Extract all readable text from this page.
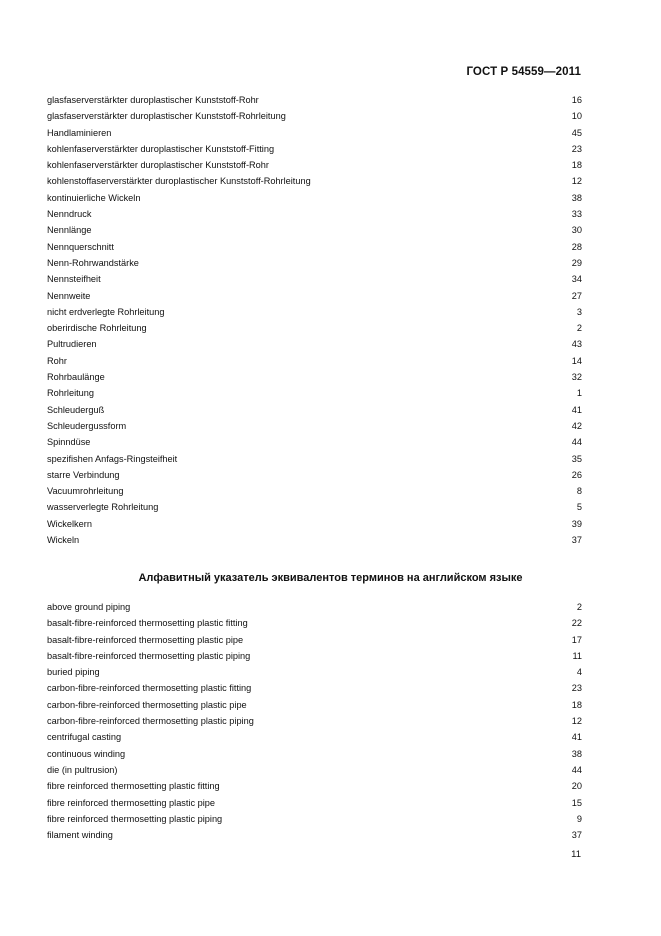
ГОСТ Р 54559—2011
glasfaserverstärkter duroplastischer Kunststoff-Rohr	16
glasfaserverstärkter duroplastischer Kunststoff-Rohrleitung	10
Handlaminieren	45
kohlenfaserverstärkter duroplastischer Kunststoff-Fitting	23
kohlenfaserverstärkter duroplastischer Kunststoff-Rohr	18
kohlenstoffaserverstärkter duroplastischer Kunststoff-Rohrleitung	12
kontinuierliche Wickeln	38
Nenndruck	33
Nennlänge	30
Nennquerschnitt	28
Nenn-Rohrwandstärke	29
Nennsteifheit	34
Nennweite	27
nicht erdverlegte Rohrleitung	3
oberirdische Rohrleitung	2
Pultrudieren	43
Rohr	14
Rohrbaulänge	32
Rohrleitung	1
Schleuderguß	41
Schleudergussform	42
Spinndüse	44
spezifishen Anfags-Ringsteifheit	35
starre Verbindung	26
Vacuumrohrleitung	8
wasserverlegte Rohrleitung	5
Wickelkern	39
Wickeln	37
Алфавитный указатель эквивалентов терминов на английском языке
above ground piping	2
basalt-fibre-reinforced thermosetting plastic fitting	22
basalt-fibre-reinforced thermosetting plastic pipe	17
basalt-fibre-reinforced thermosetting plastic piping	11
buried piping	4
carbon-fibre-reinforced thermosetting plastic fitting	23
carbon-fibre-reinforced thermosetting plastic pipe	18
carbon-fibre-reinforced thermosetting plastic piping	12
centrifugal casting	41
continuous winding	38
die (in pultrusion)	44
fibre reinforced thermosetting plastic fitting	20
fibre reinforced thermosetting plastic pipe	15
fibre reinforced thermosetting plastic piping	9
filament winding	37
11
